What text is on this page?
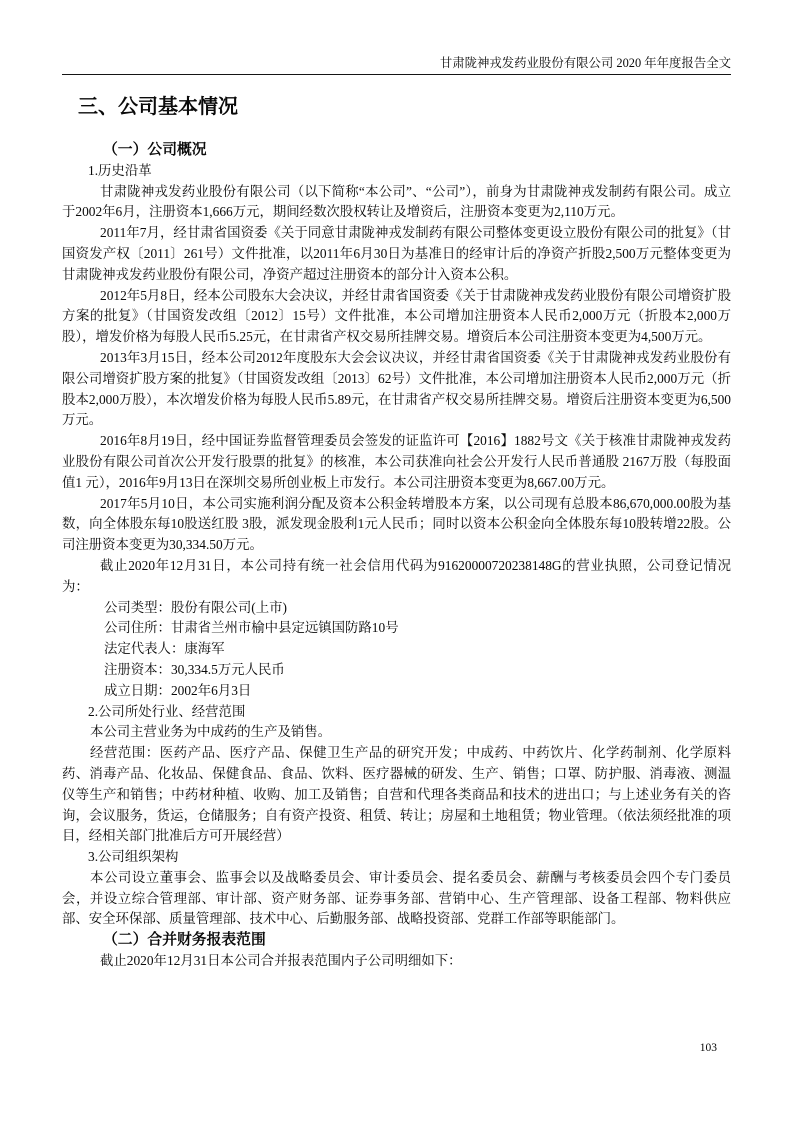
甘肃陇神戎发药业股份有限公司 2020 年年度报告全文
三、公司基本情况
（一）公司概况
1.历史沿革

甘肃陇神戎发药业股份有限公司（以下简称“本公司”、“公司”），前身为甘肃陇神戎发制药有限公司。成立于2002年6月，注册资本1,666万元，期间经数次股权转让及增资后，注册资本变更为2,110万元。

2011年7月，经甘肃省国资委《关于同意甘肃陇神戎发制药有限公司整体变更设立股份有限公司的批复》（甘国资发产权〔2011〕261号）文件批准，以2011年6月30日为基准日的经审计后的净资产折股2,500万元整体变更为甘肃陇神戎发药业股份有限公司，净资产超过注册资本的部分计入资本公积。

2012年5月8日，经本公司股东大会决议，并经甘肃省国资委《关于甘肃陇神戎发药业股份有限公司增资扩股方案的批复》（甘国资发改组〔2012〕15号）文件批准，本公司增加注册资本人民币2,000万元（折股本2,000万股），增发价格为每股人民币5.25元，在甘肃省产权交易所挂牌交易。增资后本公司注册资本变更为4,500万元。

2013年3月15日，经本公司2012年度股东大会会议决议，并经甘肃省国资委《关于甘肃陇神戎发药业股份有限公司增资扩股方案的批复》（甘国资发改组〔2013〕62号）文件批准，本公司增加注册资本人民币2,000万元（折股本2,000万股），本次增发价格为每股人民币5.89元，在甘肃省产权交易所挂牌交易。增资后注册资本变更为6,500万元。

2016年8月19日，经中国证券监督管理委员会签发的证监许可【2016】1882号文《关于核准甘肃陇神戎发药业股份有限公司首次公开发行股票的批复》的核准，本公司获准向社会公开发行人民币普通股 2167万股（每股面值1 元），2016年9月13日在深圳交易所创业板上市发行。本公司注册资本变更为8,667.00万元。

2017年5月10日，本公司实施利润分配及资本公积金转增股本方案，以公司现有总股本86,670,000.00股为基数，向全体股东每10股送红股 3股，派发现金股利1元人民币；同时以资本公积金向全体股东每10股转增22股。公司注册资本变更为30,334.50万元。

截止2020年12月31日，本公司持有统一社会信用代码为91620000720238148G的营业执照，公司登记情况为：

公司类型：股份有限公司(上市)
公司住所：甘肃省兰州市榆中县定远镇国防路10号
法定代表人：康海军
注册资本：30,334.5万元人民币
成立日期：2002年6月3日
2.公司所处行业、经营范围

本公司主营业务为中成药的生产及销售。

经营范围：医药产品、医疗产品、保健卫生产品的研究开发；中成药、中药饮片、化学药制剂、化学原料药、消毒产品、化妆品、保健食品、食品、饮料、医疗器械的研发、生产、销售；口罩、防护服、消毒液、测温仪等生产和销售；中药材种植、收购、加工及销售；自营和代理各类商品和技术的进出口；与上述业务有关的咨询，会议服务，货运，仓储服务；自有资产投资、租赁、转让；房屋和土地租赁；物业管理。（依法须经批准的项目，经相关部门批准后方可开展经营）

3.公司组织架构

本公司设立董事会、监事会以及战略委员会、审计委员会、提名委员会、薪酬与考核委员会四个专门委员会，并设立综合管理部、审计部、资产财务部、证券事务部、营销中心、生产管理部、设备工程部、物料供应部、安全环保部、质量管理部、技术中心、后勤服务部、战略投资部、党群工作部等职能部门。

（二）合并财务报表范围

截止2020年12月31日本公司合并报表范围内子公司明细如下：

103
